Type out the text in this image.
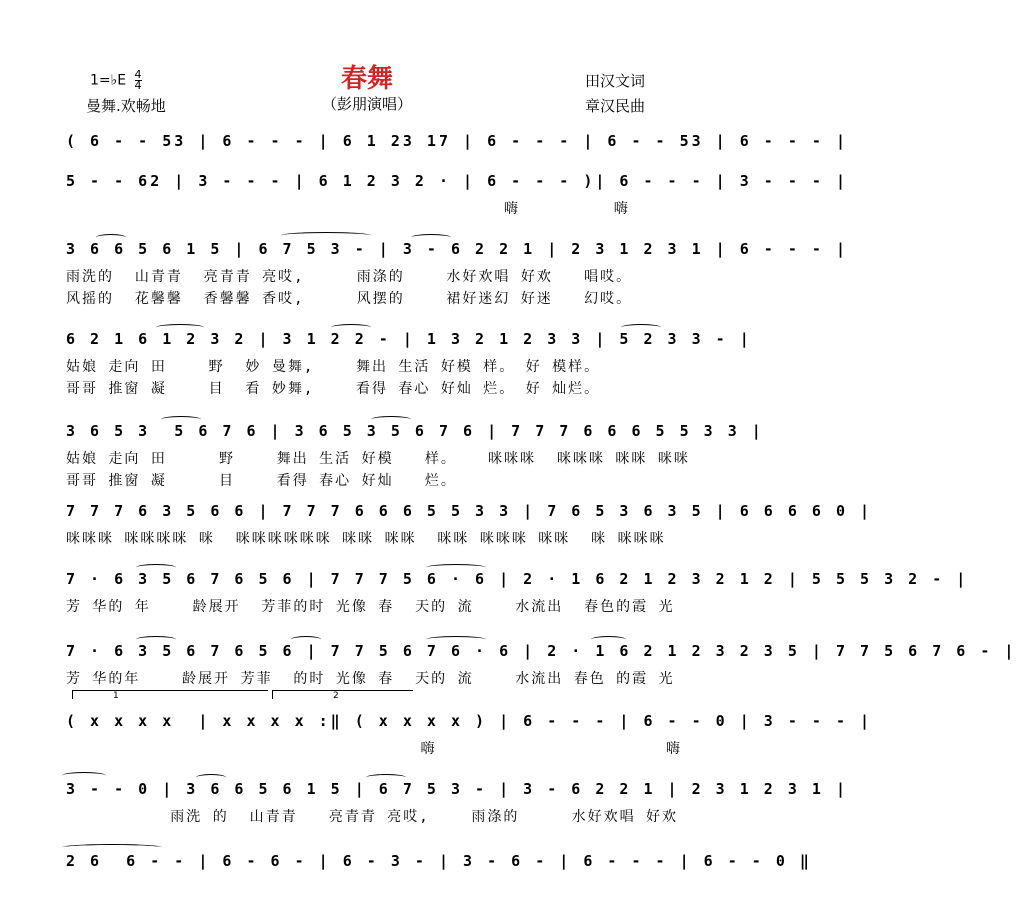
1=♭E $\frac{4}{4}$
曼舞.欢畅地
春舞
（彭朋演唱）
田汉文词
章汉民曲
( 6 - - 53 | 6 - - - | 6 1 23 17 | 6 - - - | 6 - - 53 | 6 - - - |
5 - - 62 | 3 - - - | 6 1 2 3 2 · | 6 - - - )| 6 - - - | 3 - - - |
嗨         嗨
3 6 6 5 6 1 5 | 6 7 5 3 - | 3 - 6 2 2 1 | 2 3 1 2 3 1 | 6 - - - |
雨洗的  山青青  亮青青 亮哎,     雨涤的    水好欢唱 好欢   唱哎。
风摇的  花馨馨  香馨馨 香哎,     风摆的    裙好迷幻 好迷   幻哎。
6 2 1 6 1 2 3 2 | 3 1 2 2 - | 1 3 2 1 2 3 3 | 5 2 3 3 - |
姑娘 走向 田    野  妙 曼舞,    舞出 生活 好模 样。 好 模样。
哥哥 推窗 凝    目  看 妙舞,    看得 春心 好灿 烂。 好 灿烂。
3 6 5 3  5 6 7 6 | 3 6 5 3 5 6 7 6 | 7 7 7 6 6 6 5 5 3 3 |
姑娘 走向 田     野    舞出 生活 好模   样。   咪咪咪  咪咪咪 咪咪 咪咪
哥哥 推窗 凝     目    看得 春心 好灿   烂。
7 7 7 6 3 5 6 6 | 7 7 7 6 6 6 5 5 3 3 | 7 6 5 3 6 3 5 | 6 6 6 6 0 |
咪咪咪 咪咪咪咪 咪  咪咪咪咪咪咪 咪咪 咪咪  咪咪 咪咪咪 咪咪  咪 咪咪咪
7 · 6 3 5 6 7 6 5 6 | 7 7 7 5 6 · 6 | 2 · 1 6 2 1 2 3 2 1 2 | 5 5 5 3 2 - |
芳 华的 年    龄展开  芳菲的时 光像 春  天的 流    水流出  春色的霞 光
7 · 6 3 5 6 7 6 5 6 | 7 7 5 6 7 6 · 6 | 2 · 1 6 2 1 2 3 2 3 5 | 7 7 5 6 7 6 - |
芳 华的年    龄展开 芳菲  的时 光像 春  天的 流    水流出 春色 的霞 光
1	2
( x x x x  | x x x x :‖ ( x x x x ) | 6 - - - | 6 - - 0 | 3 - - - |
嗨                      嗨
3 - - 0 | 3 6 6 5 6 1 5 | 6 7 5 3 - | 3 - 6 2 2 1 | 2 3 1 2 3 1 |
雨洗 的  山青青   亮青青 亮哎,    雨涤的     水好欢唱 好欢
2 6  6 - - | 6 - 6 - | 6 - 3 - | 3 - 6 - | 6 - - - | 6 - - 0 ‖
